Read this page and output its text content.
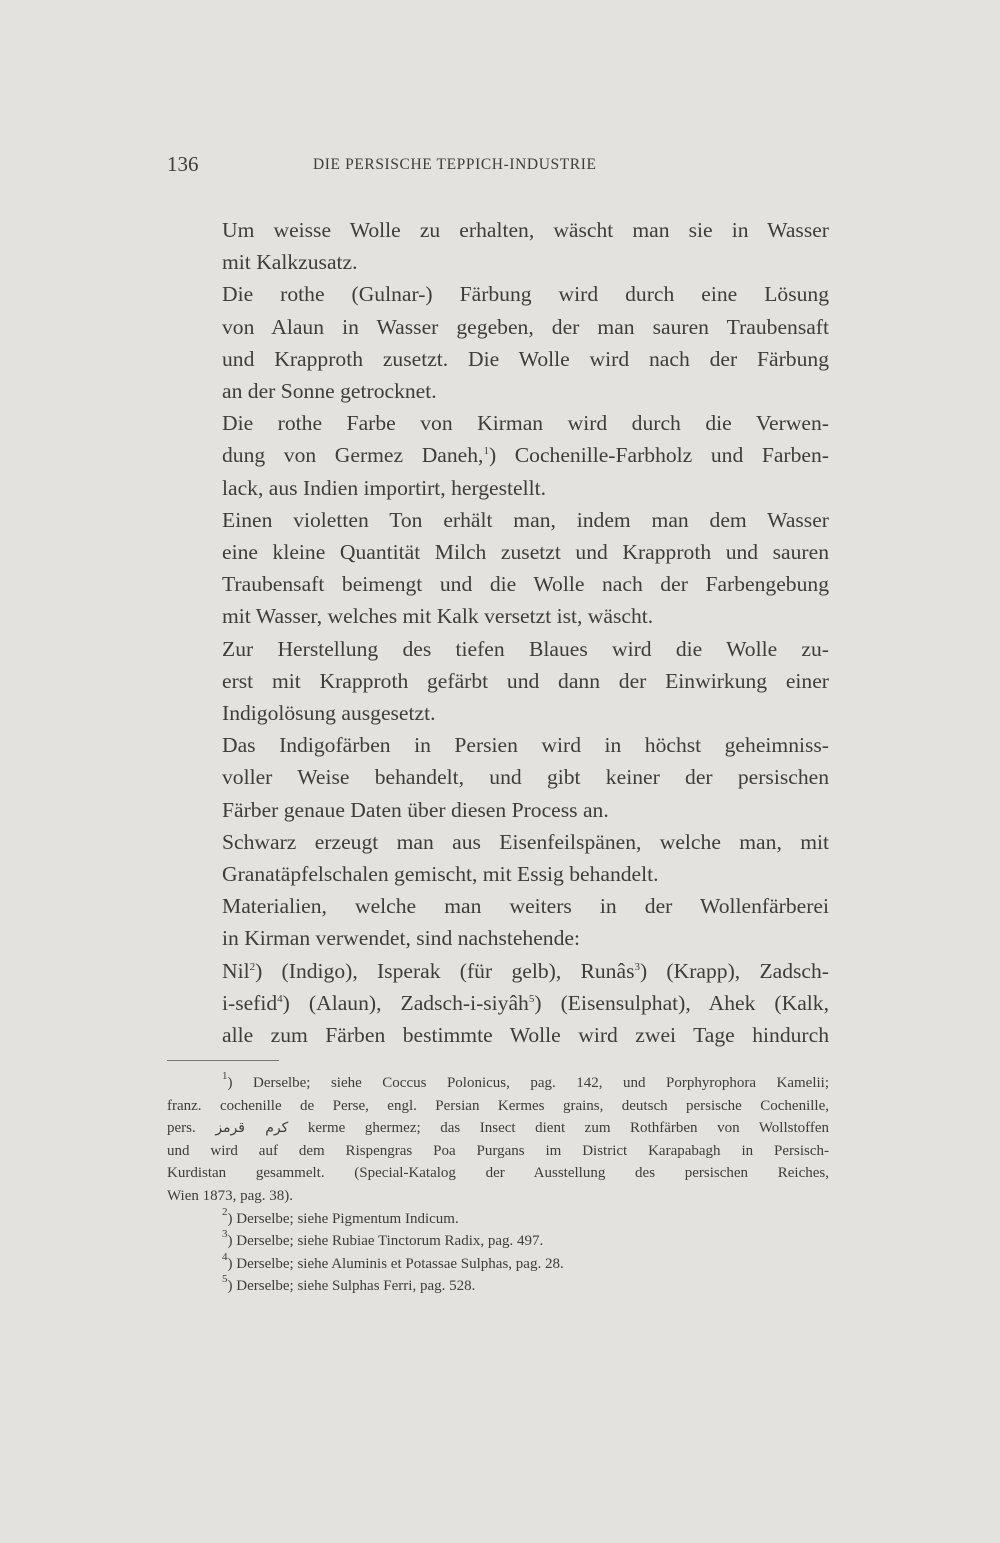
136	DIE PERSISCHE TEPPICH-INDUSTRIE

Um weisse Wolle zu erhalten, wäscht man sie in Wasser
mit Kalkzusatz.

Die rothe (Gulnar-) Färbung wird durch eine Lösung
von Alaun in Wasser gegeben, der man sauren Traubensaft
und Krapproth zusetzt. Die Wolle wird nach der Färbung
an der Sonne getrocknet.

Die rothe Farbe von Kirman wird durch die Verwen-
dung von Germez Daneh,$^1$) Cochenille-Farbholz und Farben-
lack, aus Indien importirt, hergestellt.

Einen violetten Ton erhält man, indem man dem Wasser
eine kleine Quantität Milch zusetzt und Krapproth und sauren
Traubensaft beimengt und die Wolle nach der Farbengebung
mit Wasser, welches mit Kalk versetzt ist, wäscht.

Zur Herstellung des tiefen Blaues wird die Wolle zu-
erst mit Krapproth gefärbt und dann der Einwirkung einer
Indigolösung ausgesetzt.

Das Indigofärben in Persien wird in höchst geheimniss-
voller Weise behandelt, und gibt keiner der persischen
Färber genaue Daten über diesen Process an.

Schwarz erzeugt man aus Eisenfeilspänen, welche man, mit
Granatäpfelschalen gemischt, mit Essig behandelt.

Materialien, welche man weiters in der Wollenfärberei
in Kirman verwendet, sind nachstehende:

Nil$^2$) (Indigo), Isperak (für gelb), Runâs$^3$) (Krapp), Zadsch-
i-sefid$^4$) (Alaun), Zadsch-i-siyâh$^5$) (Eisensulphat), Ahek (Kalk,
alle zum Färben bestimmte Wolle wird zwei Tage hindurch

$^1$) Derselbe; siehe Coccus Polonicus, pag. 142, und Porphyrophora Kamelii;
franz. cochenille de Perse, engl. Persian Kermes grains, deutsch persische Cochenille,
pers. کرم قرمز kerme ghermez; das Insect dient zum Rothfärben von Wollstoffen
und wird auf dem Rispengras Poa Purgans im District Karapabagh in Persisch-
Kurdistan gesammelt. (Special-Katalog der Ausstellung des persischen Reiches,
Wien 1873, pag. 38).
$^2$) Derselbe; siehe Pigmentum Indicum.
$^3$) Derselbe; siehe Rubiae Tinctorum Radix, pag. 497.
$^4$) Derselbe; siehe Aluminis et Potassae Sulphas, pag. 28.
$^5$) Derselbe; siehe Sulphas Ferri, pag. 528.
